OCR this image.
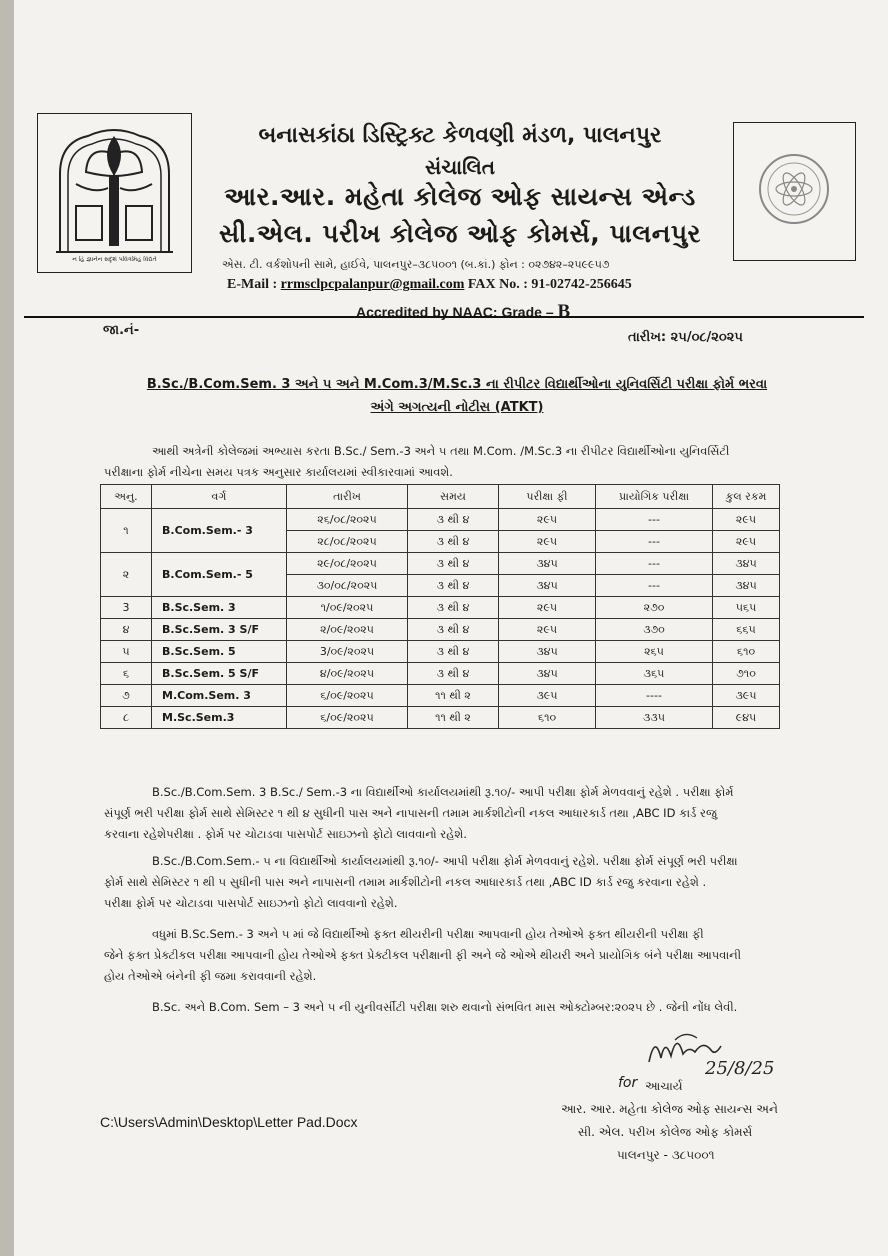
ન હિ જ્ઞાનેન સદૃશં પવિત્રમિહ વિદ્યતે
બનાસકાંઠા ડિસ્ટ્રિક્ટ કેળવણી મંડળ, પાલનપુર
સંચાલિત
આર.આર. મહેતા કોલેજ ઓફ સાયન્સ એન્ડ
સી.એલ. પરીખ કોલેજ ઓફ કોમર્સ, પાલનપુર
એસ. ટી. વર્કશોપની સામે, હાઈવે, પાલનપુર–૩૮૫૦૦૧ (બ.કાં.) ફોન : ૦૨૭૪૨–૨૫૯૯૫૭
E-Mail : rrmsclpcpalanpur@gmail.com FAX No. : 91-02742-256645
Accredited by NAAC: Grade – B
જા.નં-	તારીખ: ૨૫/૦૮/૨૦૨૫
B.Sc./B.Com.Sem. 3 અને ૫ અને M.Com.3/M.Sc.3 ના રીપીટર વિદ્યાર્થીઓના યુનિવર્સિટી પરીક્ષા ફોર્મ ભરવા
અંગે અગત્યની નોટીસ (ATKT)
આથી અત્રેની કોલેજમાં અભ્યાસ કરતા B.Sc./ Sem.-3 અને ૫ તથા M.Com. /M.Sc.3 ના રીપીટર વિદ્યાર્થીઓના યુનિવર્સિટી
પરીક્ષાના ફોર્મ નીચેના સમય પત્રક અનુસાર કાર્યાલયમાં સ્વીકારવામાં આવશે.
અનુ.	વર્ગ	તારીખ	સમય	પરીક્ષા ફી	પ્રાયોગિક પરીક્ષા	કુલ રકમ
૧	B.Com.Sem.- 3	૨૬/૦૮/૨૦૨૫	૩ થી ૪	૨૯૫	---	૨૯૫
		૨૮/૦૮/૨૦૨૫	૩ થી ૪	૨૯૫	---	૨૯૫
૨	B.Com.Sem.- 5	૨૯/૦૮/૨૦૨૫	૩ થી ૪	૩૪૫	---	૩૪૫
		૩૦/૦૮/૨૦૨૫	૩ થી ૪	૩૪૫	---	૩૪૫
3	B.Sc.Sem. 3	૧/૦૯/૨૦૨૫	૩ થી ૪	૨૯૫	૨૭૦	૫૬૫
૪	B.Sc.Sem. 3 S/F	૨/૦૯/૨૦૨૫	૩ થી ૪	૨૯૫	૩૭૦	૬૬૫
૫	B.Sc.Sem. 5	3/૦૯/૨૦૨૫	૩ થી ૪	૩૪૫	૨૬૫	૬૧૦
૬	B.Sc.Sem. 5 S/F	૪/૦૯/૨૦૨૫	૩ થી ૪	૩૪૫	૩૬૫	૭૧૦
૭	M.Com.Sem. 3	૬/૦૯/૨૦૨૫	૧૧ થી ૨	૩૯૫	----	૩૯૫
૮	M.Sc.Sem.3	૬/૦૯/૨૦૨૫	૧૧ થી ૨	૬૧૦	૩૩૫	૯૪૫
B.Sc./B.Com.Sem. 3 B.Sc./ Sem.-3 ના વિદ્યાર્થીઓ કાર્યાલયમાંથી રૂ.૧૦/- આપી પરીક્ષા ફોર્મ મેળવવાનું રહેશે . પરીક્ષા ફોર્મ
સંપૂર્ણ ભરી પરીક્ષા ફોર્મ સાથે સેમિસ્ટર ૧ થી ૪ સુધીની પાસ અને નાપાસની તમામ માર્કશીટોની નકલ આધારકાર્ડ તથા ,ABC ID કાર્ડ રજુ
કરવાના રહેશેપરીક્ષા . ફોર્મ પર ચોટાડવા પાસપોર્ટ સાઇઝનો ફોટો લાવવાનો રહેશે.
B.Sc./B.Com.Sem.- ૫ ના વિદ્યાર્થીઓ કાર્યાલયમાંથી રૂ.૧૦/- આપી પરીક્ષા ફોર્મ મેળવવાનું રહેશે. પરીક્ષા ફોર્મ સંપૂર્ણ ભરી પરીક્ષા
ફોર્મ સાથે સેમિસ્ટર ૧ થી ૫ સુધીની પાસ અને નાપાસની તમામ માર્કશીટોની નકલ આધારકાર્ડ તથા ,ABC ID કાર્ડ રજુ કરવાના રહેશે .
પરીક્ષા ફોર્મ પર ચોટાડવા પાસપોર્ટ સાઇઝનો ફોટો લાવવાનો રહેશે.
વધુમાં B.Sc.Sem.- 3 અને ૫ માં જે વિદ્યાર્થીઓ ફક્ત થીયરીની પરીક્ષા આપવાની હોય તેઓએ ફક્ત થીયરીની પરીક્ષા ફી
જેને ફક્ત પ્રેક્ટીકલ પરીક્ષા આપવાની હોય તેઓએ ફક્ત પ્રેક્ટીકલ પરીક્ષાની ફી અને જે ઓએ થીયરી અને પ્રાયોગિક બંને પરીક્ષા આપવાની
હોય તેઓએ બંનેની ફી જમા કરાવવાની રહેશે.
B.Sc. અને B.Com. Sem – 3 અને ૫ ની યુનીવર્સીટી પરીક્ષા શરુ થવાનો સંભવિત માસ ઓક્ટોમ્બર:૨૦૨૫ છે . જેની નોંધ લેવી.
25/8/25
for આચાર્ય
આર. આર. મહેતા કોલેજ ઓફ સાયન્સ અને
સી. એલ. પરીખ કોલેજ ઓફ કોમર્સ
પાલનપુર - ૩૮૫૦૦૧
C:\Users\Admin\Desktop\Letter Pad.Docx
